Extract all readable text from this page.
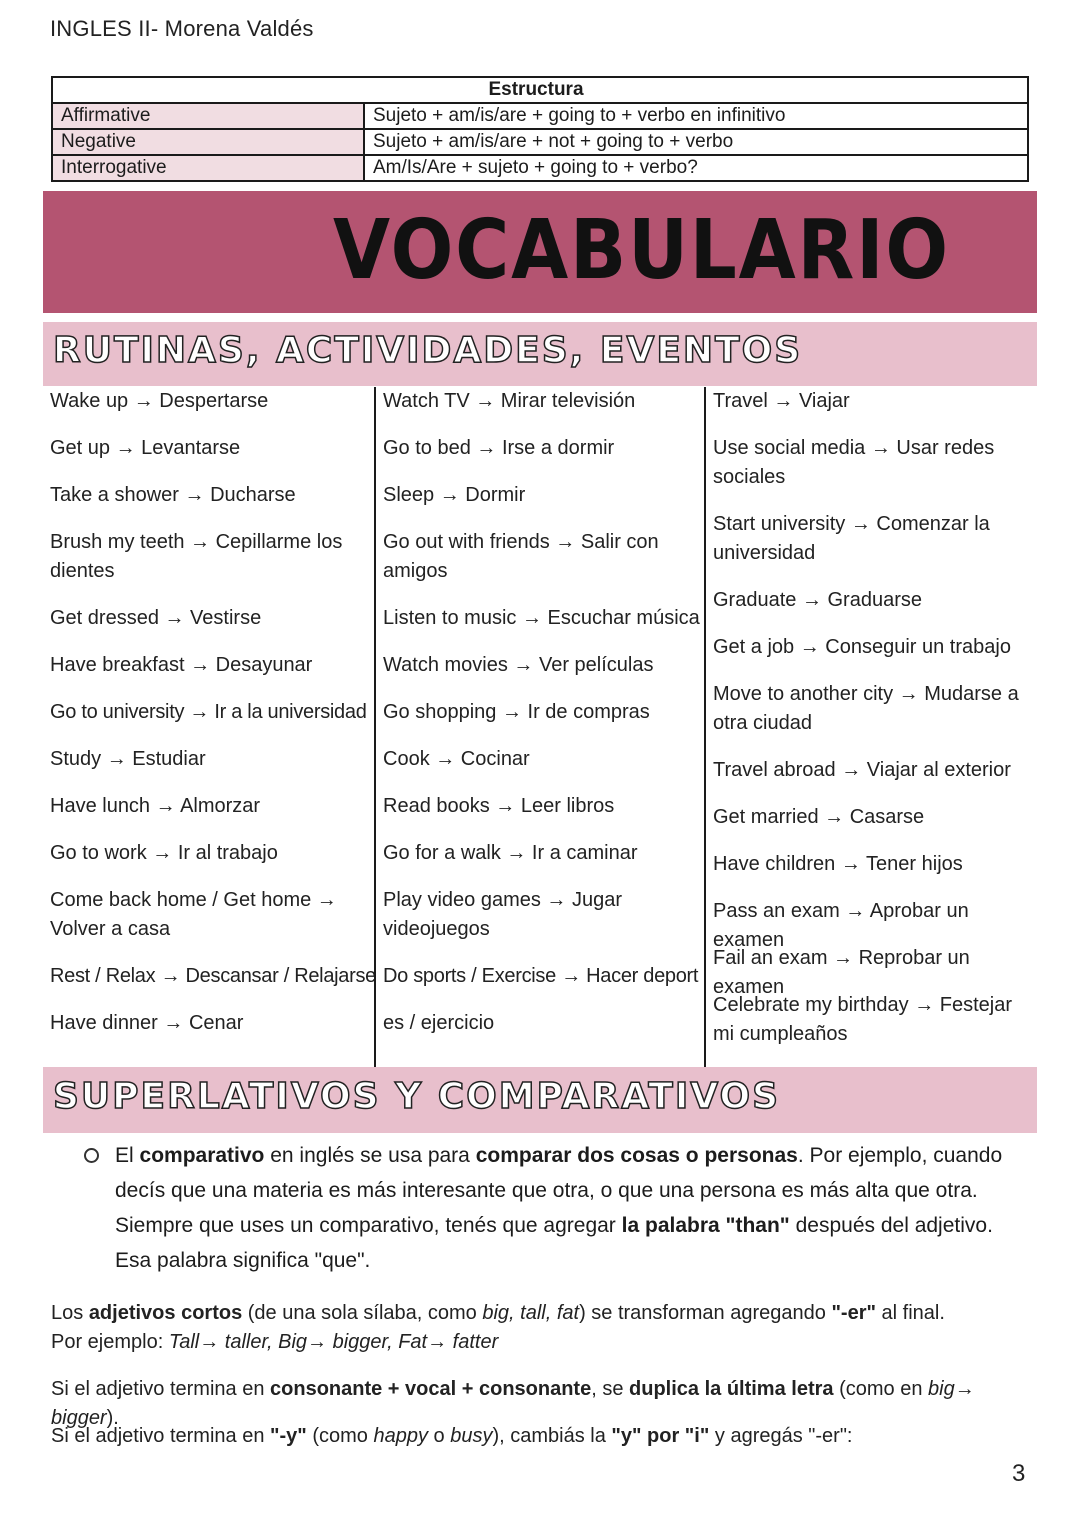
INGLES II- Morena Valdés
Estructura	
Affirmative	Sujeto + am/is/are + going to + verbo en infinitivo
Negative	Sujeto + am/is/are + not + going to + verbo
Interrogative	Am/Is/Are + sujeto + going to + verbo?
VOCABULARIO
RUTINAS, ACTIVIDADES, EVENTOS
Wake up → Despertarse
Get up → Levantarse
Take a shower → Ducharse
Brush my teeth → Cepillarme los dientes
Get dressed → Vestirse
Have breakfast → Desayunar
Go to university → Ir a la universidad
Study → Estudiar
Have lunch → Almorzar
Go to work → Ir al trabajo
Come back home / Get home → Volver a casa
Rest / Relax → Descansar / Relajarse
Have dinner → Cenar
Watch TV → Mirar televisión
Go to bed → Irse a dormir
Sleep → Dormir
Go out with friends → Salir con amigos
Listen to music → Escuchar música
Watch movies → Ver películas
Go shopping → Ir de compras
Cook → Cocinar
Read books → Leer libros
Go for a walk → Ir a caminar
Play video games → Jugar videojuegos
Do sports / Exercise → Hacer deport
es / ejercicio
Travel → Viajar
Use social media → Usar redes sociales
Start university → Comenzar la universidad
Graduate → Graduarse
Get a job → Conseguir un trabajo
Move to another city → Mudarse a otra ciudad
Travel abroad → Viajar al exterior
Get married → Casarse
Have children → Tener hijos
Pass an exam → Aprobar un examen
Fail an exam → Reprobar un examen
Celebrate my birthday → Festejar mi cumpleaños
SUPERLATIVOS Y COMPARATIVOS
El comparativo en inglés se usa para comparar dos cosas o personas. Por ejemplo, cuando decís que una materia es más interesante que otra, o que una persona es más alta que otra. Siempre que uses un comparativo, tenés que agregar la palabra "than" después del adjetivo. Esa palabra significa "que".
Los adjetivos cortos (de una sola sílaba, como big, tall, fat) se transforman agregando "-er" al final.
Por ejemplo: Tall→ taller, Big→ bigger, Fat→ fatter
Si el adjetivo termina en consonante + vocal + consonante, se duplica la última letra (como en big→ bigger).
Si el adjetivo termina en "-y" (como happy o busy), cambiás la "y" por "i" y agregás "-er":
3
